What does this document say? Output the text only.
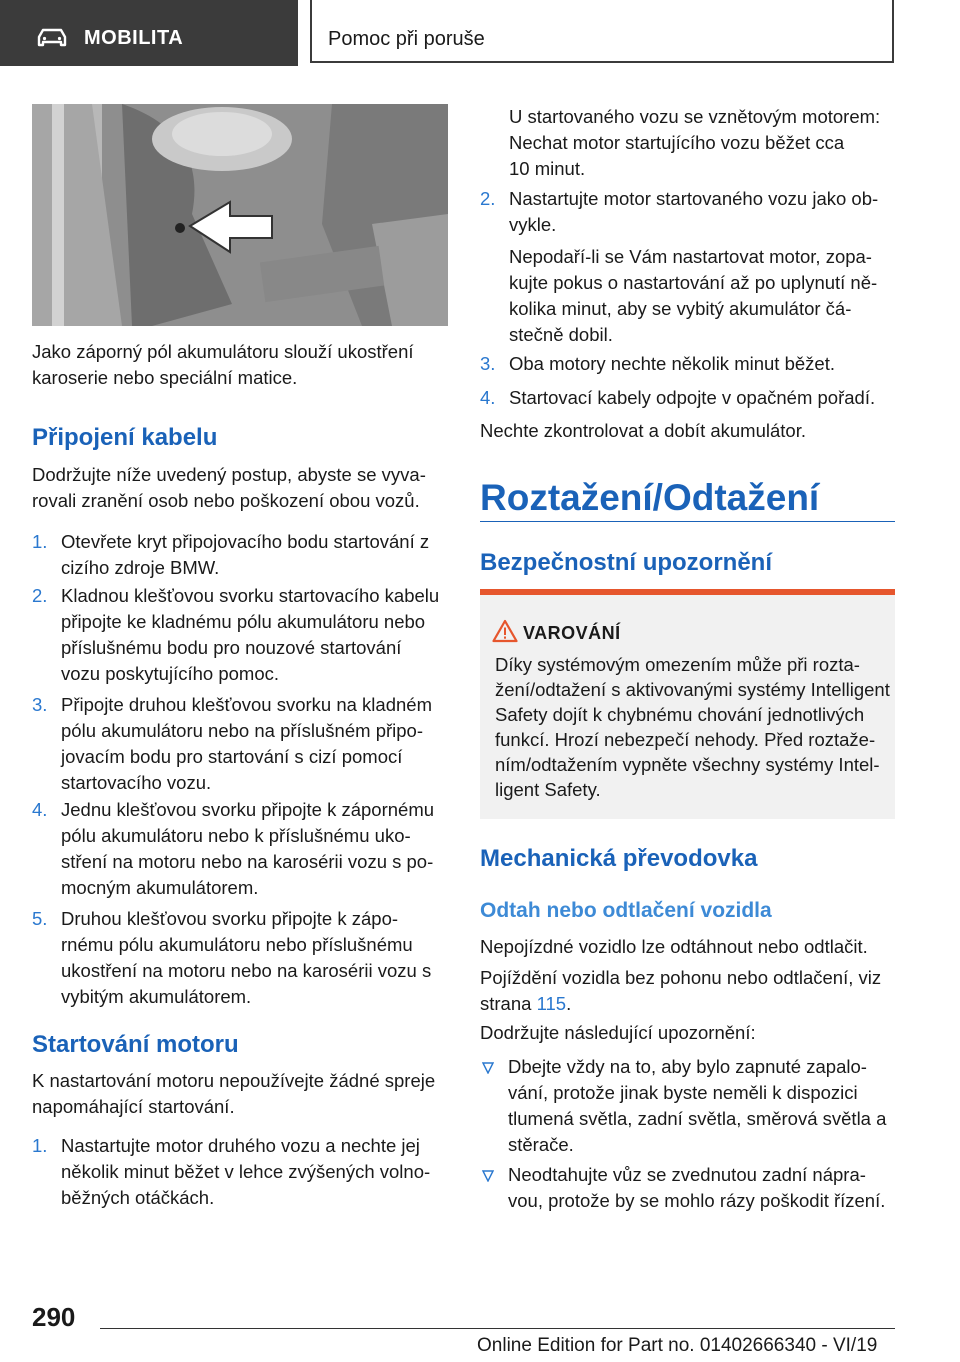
MOBILITA	Pomoc při poruše

Jako záporný pól akumulátoru slouží ukostření
karoserie nebo speciální matice.

Připojení kabelu

Dodržujte níže uvedený postup, abyste se vyva‐
rovali zranění osob nebo poškození obou vozů.

1. Otevřete kryt připojovacího bodu startování z
cizího zdroje BMW.
2. Kladnou klešťovou svorku startovacího kabelu
připojte ke kladnému pólu akumulátoru nebo
příslušnému bodu pro nouzové startování
vozu poskytujícího pomoc.
3. Připojte druhou klešťovou svorku na kladném
pólu akumulátoru nebo na příslušném připo‐
jovacím bodu pro startování s cizí pomocí
startovacího vozu.
4. Jednu klešťovou svorku připojte k zápornému
pólu akumulátoru nebo k příslušnému uko‐
stření na motoru nebo na karosérii vozu s po‐
mocným akumulátorem.
5. Druhou klešťovou svorku připojte k zápo‐
rnému pólu akumulátoru nebo příslušnému
ukostření na motoru nebo na karosérii vozu s
vybitým akumulátorem.
Startování motoru

K nastartování motoru nepoužívejte žádné spreje
napomáhající startování.

1. Nastartujte motor druhého vozu a nechte jej
několik minut běžet v lehce zvýšených volno‐
běžných otáčkách.

U startovaného vozu se vznětovým motorem:
Nechat motor startujícího vozu běžet cca
10 minut.

2. Nastartujte motor startovaného vozu jako ob‐
vykle.

Nepodaří-li se Vám nastartovat motor, zopa‐
kujte pokus o nastartování až po uplynutí ně‐
kolika minut, aby se vybitý akumulátor čá‐
stečně dobil.

3. Oba motory nechte několik minut běžet.
4. Startovací kabely odpojte v opačném pořadí.

Nechte zkontrolovat a dobít akumulátor.

Roztažení/Odtažení
Bezpečnostní upozornění
VAROVÁNÍ
Díky systémovým omezením může při rozta‐
žení/odtažení s aktivovanými systémy Intelligent
Safety dojít k chybnému chování jednotlivých
funkcí. Hrozí nebezpečí nehody. Před roztaže‐
ním/odtažením vypněte všechny systémy Intel‐
ligent Safety.
Mechanická převodovka
Odtah nebo odtlačení vozidla

Nepojízdné vozidlo lze odtáhnout nebo odtlačit.

Pojíždění vozidla bez pohonu nebo odtlačení, viz
strana 115.

Dodržujte následující upozornění:

Dbejte vždy na to, aby bylo zapnuté zapalo‐
vání, protože jinak byste neměli k dispozici
tlumená světla, zadní světla, směrová světla a
stěrače.
Neodtahujte vůz se zvednutou zadní nápra‐
vou, protože by se mohlo rázy poškodit řízení.
290
Online Edition for Part no. 01402666340 - VI/19
